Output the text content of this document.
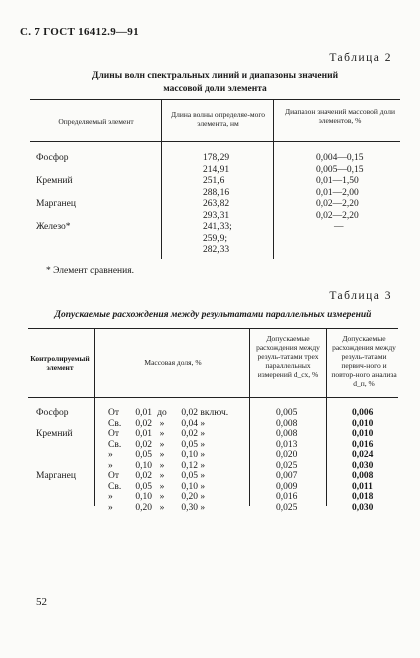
С. 7 ГОСТ 16412.9—91
Таблица 2
Длины волн спектральных линий и диапазоны значений
массовой доли элемента
Определяемый элемент
Длина волны определяе-мого элемента, нм
Диапазон значений массовой доли элементов, %
Фосфор
Кремний
Марганец
Железо*
178,29
214,91
251,6
288,16
263,82
293,31
241,33;
259,9;
282,33
0,004—0,15
0,005—0,15
0,01—1,50
0,01—2,00
0,02—2,20
0,02—2,20
—
* Элемент сравнения.
Таблица 3
Допускаемые расхождения между результатами параллельных измерений
Контролируемый элемент
Массовая доля, %
Допускаемые расхождения между резуль-татами трех параллельных измерений d_сх, %
Допускаемые расхождения между резуль-татами первич-ного и повтор-ного анализа d_п, %
Фосфор
Кремний
Марганец
От 0,01 до 0,02 включ.
Св. 0,02 » 0,04 »
От 0,01 » 0,02 »
Св. 0,02 » 0,05 »
» 0,05 » 0,10 »
» 0,10 » 0,12 »
От 0,02 » 0,05 »
Св. 0,05 » 0,10 »
» 0,10 » 0,20 »
» 0,20 » 0,30 »
0,005
0,008
0,008
0,013
0,020
0,025
0,007
0,009
0,016
0,025
0,006
0,010
0,010
0,016
0,024
0,030
0,008
0,011
0,018
0,030
52
